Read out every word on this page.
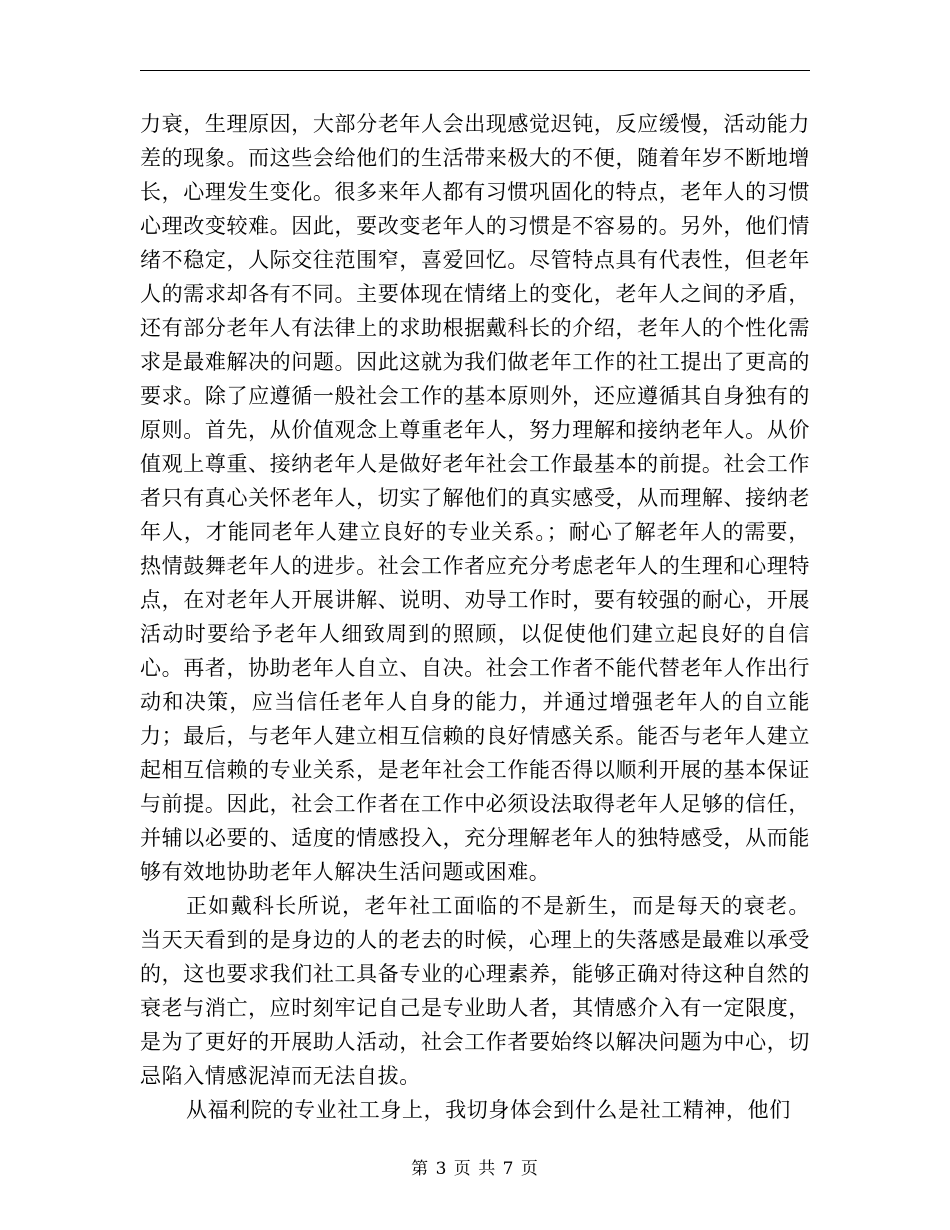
力衰，生理原因，大部分老年人会出现感觉迟钝，反应缓慢，活动能力差的现象。而这些会给他们的生活带来极大的不便，随着年岁不断地增长，心理发生变化。很多来年人都有习惯巩固化的特点，老年人的习惯心理改变较难。因此，要改变老年人的习惯是不容易的。另外，他们情绪不稳定，人际交往范围窄，喜爱回忆。尽管特点具有代表性，但老年人的需求却各有不同。主要体现在情绪上的变化，老年人之间的矛盾，还有部分老年人有法律上的求助根据戴科长的介绍，老年人的个性化需求是最难解决的问题。因此这就为我们做老年工作的社工提出了更高的要求。除了应遵循一般社会工作的基本原则外，还应遵循其自身独有的原则。首先，从价值观念上尊重老年人，努力理解和接纳老年人。从价值观上尊重、接纳老年人是做好老年社会工作最基本的前提。社会工作者只有真心关怀老年人，切实了解他们的真实感受，从而理解、接纳老年人，才能同老年人建立良好的专业关系。；耐心了解老年人的需要，热情鼓舞老年人的进步。社会工作者应充分考虑老年人的生理和心理特点，在对老年人开展讲解、说明、劝导工作时，要有较强的耐心，开展活动时要给予老年人细致周到的照顾，以促使他们建立起良好的自信心。再者，协助老年人自立、自决。社会工作者不能代替老年人作出行动和决策，应当信任老年人自身的能力，并通过增强老年人的自立能力；最后，与老年人建立相互信赖的良好情感关系。能否与老年人建立起相互信赖的专业关系，是老年社会工作能否得以顺利开展的基本保证与前提。因此，社会工作者在工作中必须设法取得老年人足够的信任，并辅以必要的、适度的情感投入，充分理解老年人的独特感受，从而能够有效地协助老年人解决生活问题或困难。

正如戴科长所说，老年社工面临的不是新生，而是每天的衰老。当天天看到的是身边的人的老去的时候，心理上的失落感是最难以承受的，这也要求我们社工具备专业的心理素养，能够正确对待这种自然的衰老与消亡，应时刻牢记自己是专业助人者，其情感介入有一定限度，是为了更好的开展助人活动，社会工作者要始终以解决问题为中心，切忌陷入情感泥淖而无法自拔。

从福利院的专业社工身上，我切身体会到什么是社工精神，他们

第 3 页 共 7 页
